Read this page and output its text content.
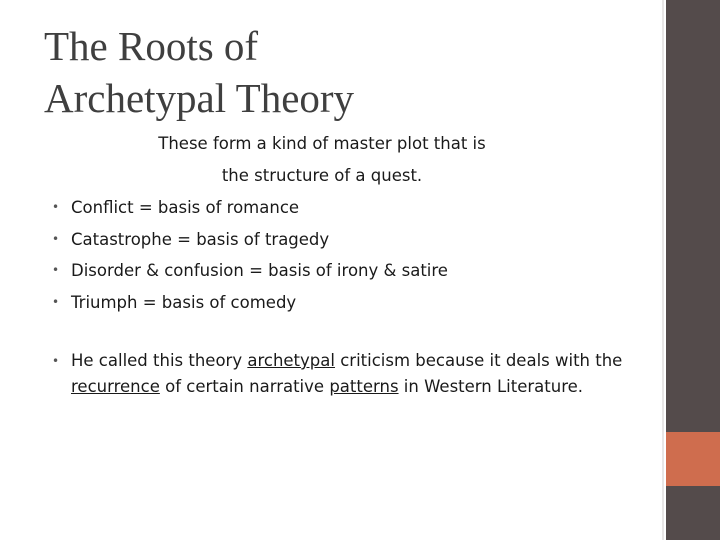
The Roots of
Archetypal Theory

These form a kind of master plot that is
the structure of a quest.

• Conflict = basis of romance
• Catastrophe = basis of tragedy
• Disorder & confusion = basis of irony & satire
• Triumph = basis of comedy
• He called this theory archetypal criticism because it deals with the recurrence of certain narrative patterns in Western Literature.
